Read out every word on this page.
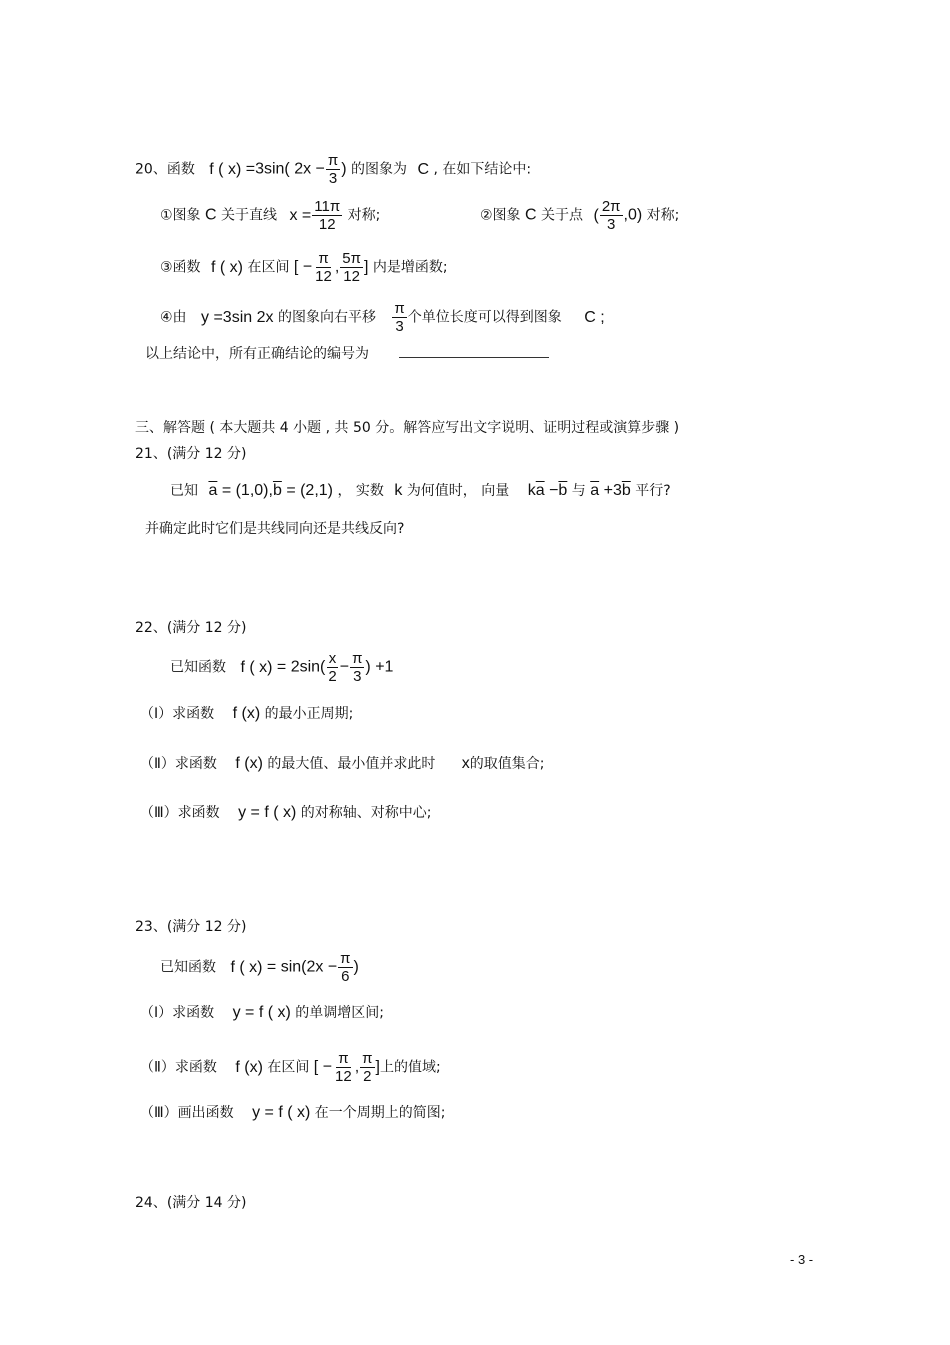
20、函数 f ( x) =3sin( $2x - \frac{\pi}{3}$ ) 的图象为 C , 在如下结论中:
①图象 C 关于直线 $x = \frac{11\pi}{12}$ 对称;	②图象 C 关于点 ( $\frac{2\pi}{3} ,0$) 对称;
③函数 f ( x) 在区间 [ − $\frac{\pi}{12}$ , $\frac{5\pi}{12}$ ] 内是增函数;
④由 y =3sin 2x 的图象向右平移 $\frac{\pi}{3}$ 个单位长度可以得到图象 C ;
以上结论中，所有正确结论的编号为
三、解答题 ( 本大题共 4 小题 , 共 50 分。解答应写出文字说明、证明过程或演算步骤 )
21、(满分 12 分)
已知 $\overline{a} = (1,0),\overline{b} = (2,1)$ ， 实数 k 为何值时， 向量 $k\overline{a} -\overline{b}$ 与 $\overline{a} +3\overline{b}$ 平行?
并确定此时它们是共线同向还是共线反向?
22、(满分 12 分)
已知函数 f ( $x) = 2\sin( \frac{x}{2} - \frac{\pi}{3}$ ) +1
（Ⅰ）求函数 f (x) 的最小正周期;
（Ⅱ）求函数 f (x) 的最大值、最小值并求此时 x的取值集合;
（Ⅲ）求函数 y = f ( x) 的对称轴、对称中心;
23、(满分 12 分)
已知函数 f ( $x) = \sin(2x - \frac{\pi}{6}$ )
（Ⅰ）求函数 y = f ( x) 的单调增区间;
（Ⅱ）求函数 f (x) 在区间 [ − $\frac{\pi}{12}$ , $\frac{\pi}{2}$ ]上的值域;
（Ⅲ）画出函数 y = f ( x) 在一个周期上的简图;
24、(满分 14 分)
- 3 -
